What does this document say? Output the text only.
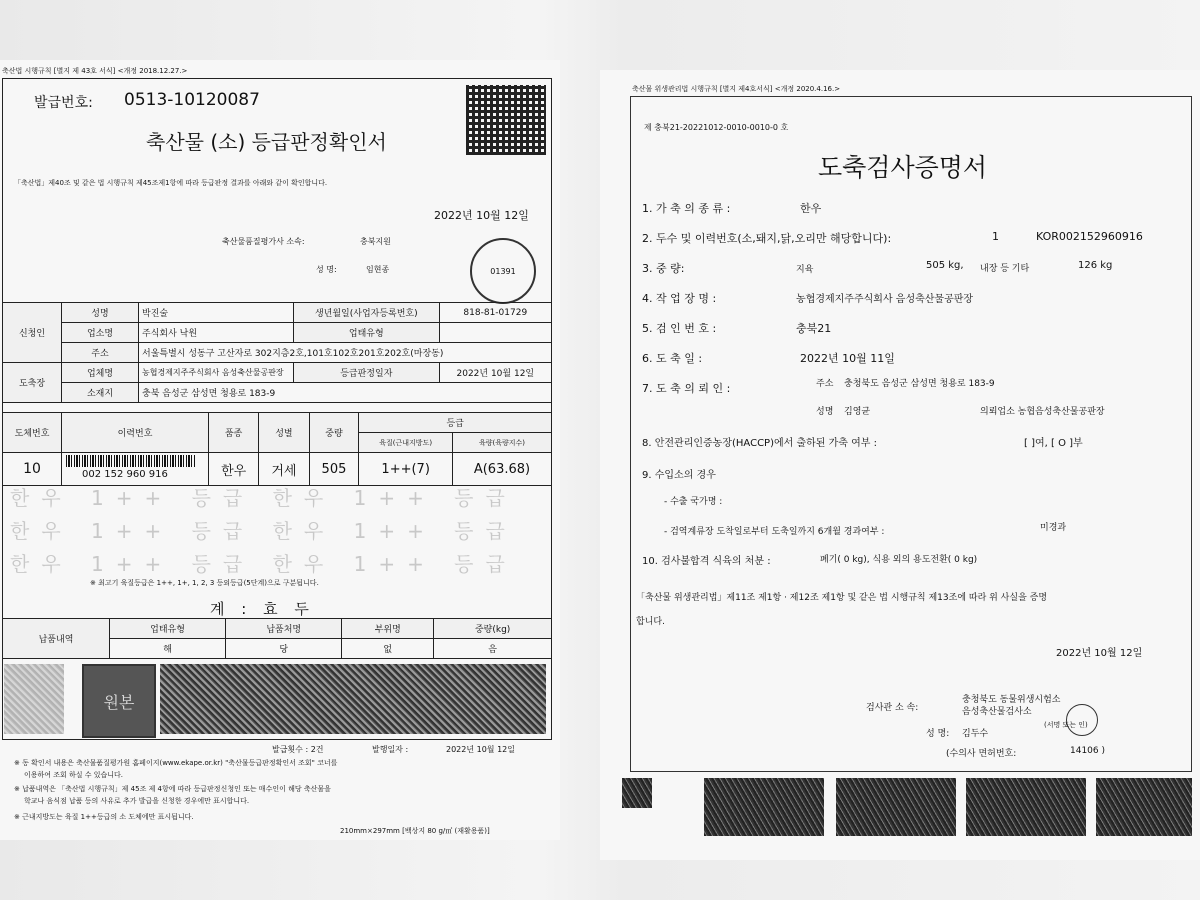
축산법 시행규칙 [별지 제 43호 서식] <개정 2018.12.27.>
발급번호: 0513-10120087
축산물 (소) 등급판정확인서
「축산법」제40조 및 같은 법 시행규칙 제45조제1항에 따라 등급판정 결과를 아래와 같이 확인합니다.
2022년 10월 12일
축산물품질평가사 소속:	충북지원
성 명:	임현종	01391
신청인	성명	박진술	생년월일(사업자등록번호)	818-81-01729
	업소명	주식회사 낙원	업태유형	
	주소	서울특별시 성동구 고산자로 302지층2호,101호102호201호202호(마장동)		
도축장	업체명	농협경제지주주식회사 음성축산물공판장	등급판정일자	2022년 10월 12일
	소재지	충북 음성군 삼성면 청용로 183-9		
도체번호	이력번호	품종	성별	중량	등급	
					육질(근내지방도)	육량(육량지수)
10	002 152 960 916	한우	거세	505	1++(7)	A(63.68)
한우 1++ 등급 한우 1++ 등급
한우 1++ 등급 한우 1++ 등급
한우 1++ 등급 한우 1++ 등급
※ 최고기 육질등급은 1++, 1+, 1, 2, 3 등외등급(5단계)으로 구분됩니다.
계 : 효 두
납품내역	업태유형	납품처명	부위명	중량(kg)
	해	당	없	음
원본
발급횟수 : 2건	발행일자 :	2022년 10월 12일
※ 동 확인서 내용은 축산물품질평가원 홈페이지(www.ekape.or.kr) "축산물등급판정확인서 조회" 코너를
이용하여 조회 하실 수 있습니다.
※ 납품내역은 「축산법 시행규칙」제 45조 제 4항에 따라 등급판정신청인 또는 매수인이 해당 축산물을
학교나 음식점 납품 등의 사유로 추가 발급을 신청한 경우에만 표시합니다.
※ 근내지방도는 육질 1++등급의 소 도체에만 표시됩니다.
210mm×297mm [백상지 80 g/㎡ (재활용품)]
축산물 위생관리법 시행규칙 [별지 제4호서식] <개정 2020.4.16.>
제 충북21-20221012-0010-0010-0 호
도축검사증명서
1. 가 축 의 종 류 :	한우
2. 두수 및 이력번호(소,돼지,닭,오리만 해당합니다):	1	KOR002152960916
3. 중 량:	지육	505 kg, 내장 등 기타	126 kg
4. 작 업 장 명 :	농협경제지주주식회사 음성축산물공판장
5. 검 인 번 호 :	충북21
6. 도 축 일 :	2022년 10월 11일
7. 도 축 의 뢰 인 :	주소 충청북도 음성군 삼성면 청용로 183-9
성명 김영균	의뢰업소 농협음성축산물공판장
8. 안전관리인증농장(HACCP)에서 출하된 가축 여부 :	[ ]여, [ O ]부
9. 수입소의 경우
- 수출 국가명 :
- 검역계류장 도착일로부터 도축일까지 6개월 경과여부 :	미경과
10. 검사불합격 식육의 처분 :	폐기( 0 kg), 식용 외의 용도전환( 0 kg)
「축산물 위생관리법」제11조 제1항 · 제12조 제1항 및 같은 법 시행규칙 제13조에 따라 위 사실을 증명
합니다.
2022년 10월 12일
검사관 소 속:
충청북도 동물위생시험소
음성축산물검사소
성 명: 김두수
(서명 또는 인)
(수의사 면허번호:	14106 )
